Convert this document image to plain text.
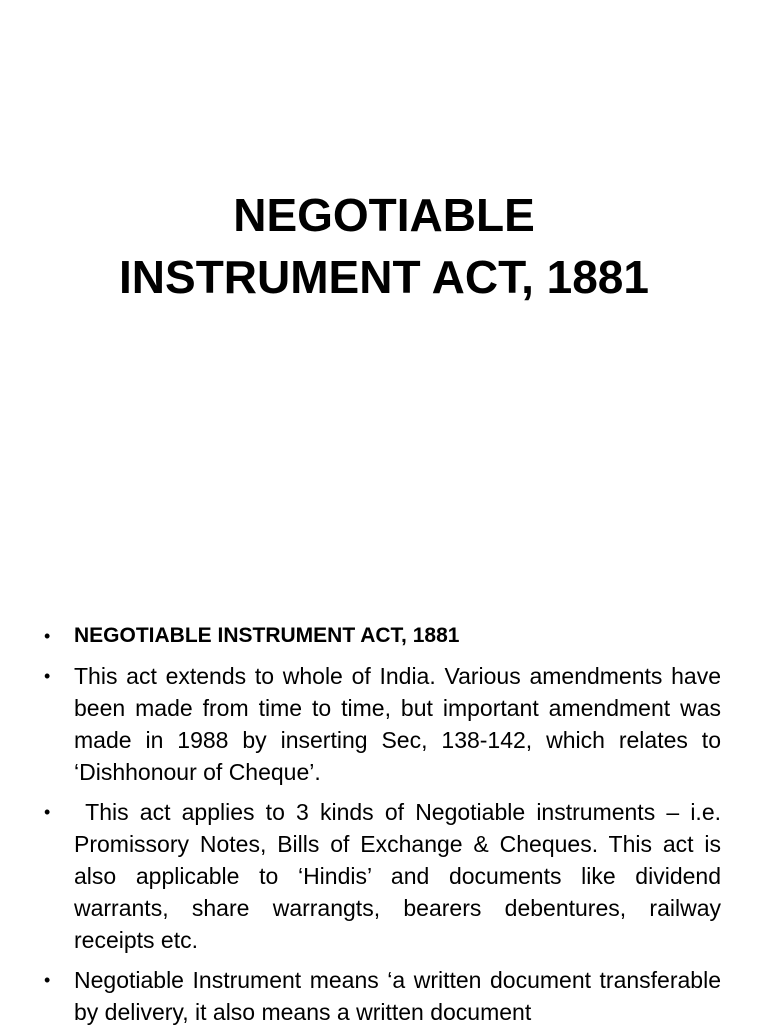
NEGOTIABLE
INSTRUMENT ACT, 1881
• NEGOTIABLE INSTRUMENT ACT, 1881
• This act extends to whole of India. Various amendments have been made from time to time, but important amendment was made in 1988 by inserting Sec, 138-142, which relates to ‘Dishhonour of Cheque’.
• This act applies to 3 kinds of Negotiable instruments – i.e. Promissory Notes, Bills of Exchange & Cheques. This act is also applicable to ‘Hindis’ and documents like dividend warrants, share warrangts, bearers debentures, railway receipts etc.
• Negotiable Instrument means ‘a written document transferable by delivery, it also means a written document
